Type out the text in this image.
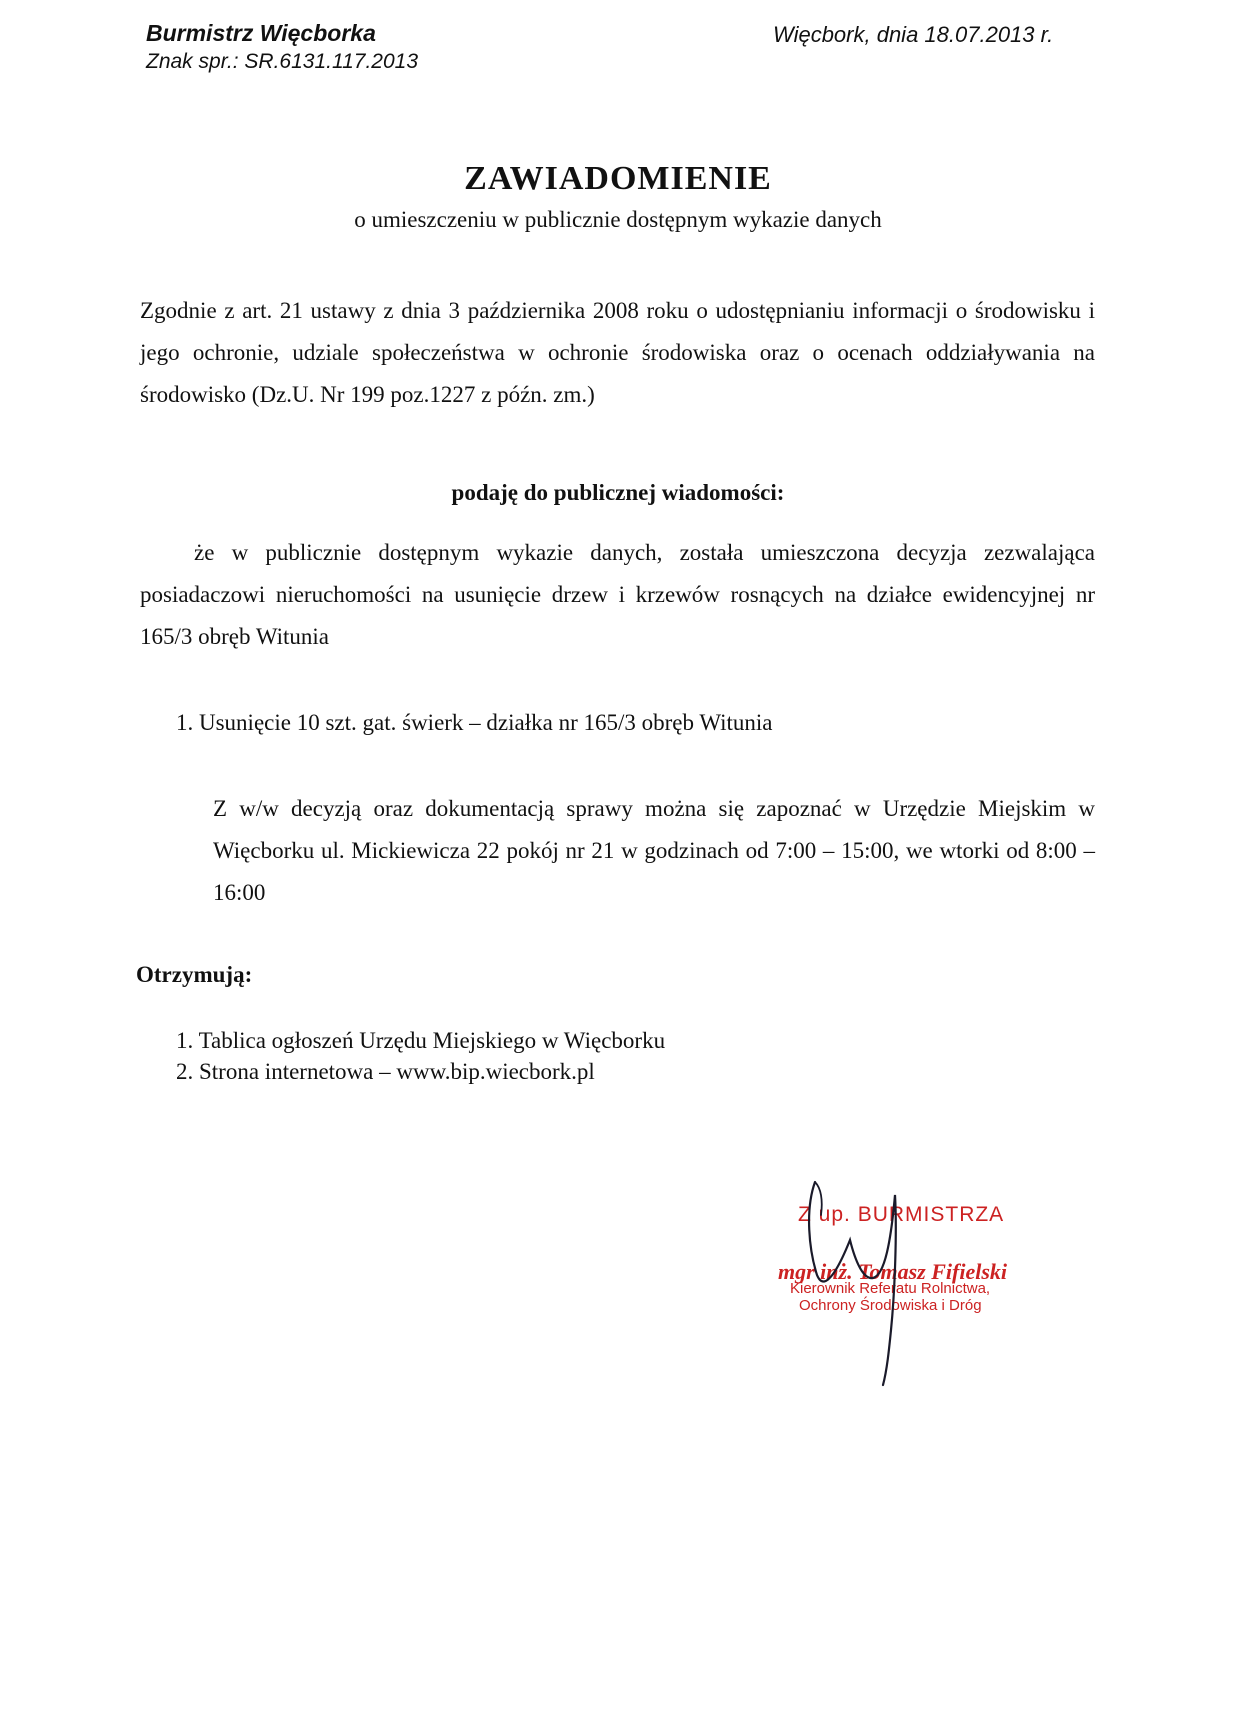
Burmistrz Więcborka
Znak spr.: SR.6131.117.2013
Więcbork, dnia 18.07.2013 r.
ZAWIADOMIENIE
o umieszczeniu w publicznie dostępnym wykazie danych
Zgodnie z art. 21 ustawy z dnia 3 października 2008 roku o udostępnianiu informacji o środowisku i jego ochronie, udziale społeczeństwa w ochronie środowiska oraz o ocenach oddziaływania na środowisko (Dz.U. Nr 199 poz.1227 z późn. zm.)
podaję do publicznej wiadomości:
że w publicznie dostępnym wykazie danych, została umieszczona decyzja zezwalająca posiadaczowi nieruchomości na usunięcie drzew i krzewów rosnących na działce ewidencyjnej nr 165/3 obręb Witunia
1. Usunięcie 10 szt. gat. świerk – działka nr 165/3 obręb Witunia
Z w/w decyzją oraz dokumentacją sprawy można się zapoznać w Urzędzie Miejskim w Więcborku ul. Mickiewicza 22 pokój nr 21 w godzinach od 7:00 – 15:00, we wtorki od 8:00 – 16:00
Otrzymują:
1. Tablica ogłoszeń Urzędu Miejskiego w Więcborku
2. Strona internetowa – www.bip.wiecbork.pl
Z up. BURMISTRZA
mgr inż. Tomasz Fifielski
Kierownik Referatu Rolnictwa,
Ochrony Środowiska i Dróg
